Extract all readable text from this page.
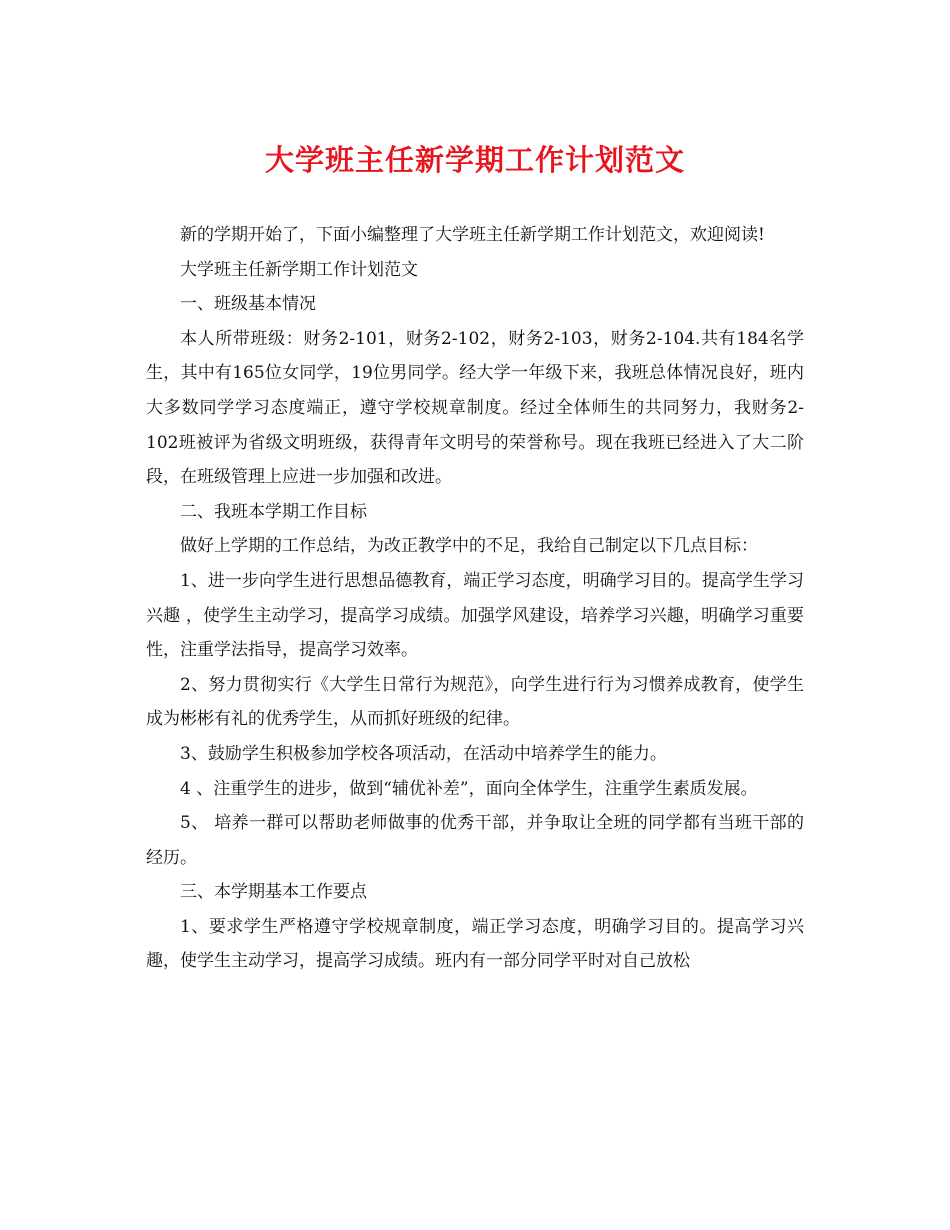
大学班主任新学期工作计划范文

新的学期开始了，下面小编整理了大学班主任新学期工作计划范文，欢迎阅读!

大学班主任新学期工作计划范文

一、班级基本情况

本人所带班级：财务2-101，财务2-102，财务2-103，财务2-104.共有184名学生，其中有165位女同学，19位男同学。经大学一年级下来，我班总体情况良好，班内大多数同学学习态度端正，遵守学校规章制度。经过全体师生的共同努力，我财务2-102班被评为省级文明班级，获得青年文明号的荣誉称号。现在我班已经进入了大二阶段，在班级管理上应进一步加强和改进。

二、我班本学期工作目标

做好上学期的工作总结，为改正教学中的不足，我给自己制定以下几点目标：

1、进一步向学生进行思想品德教育，端正学习态度，明确学习目的。提高学生学习兴趣 ，使学生主动学习，提高学习成绩。加强学风建设，培养学习兴趣，明确学习重要性，注重学法指导，提高学习效率。

2、努力贯彻实行《大学生日常行为规范》，向学生进行行为习惯养成教育，使学生成为彬彬有礼的优秀学生，从而抓好班级的纪律。

3、鼓励学生积极参加学校各项活动，在活动中培养学生的能力。

4 、注重学生的进步，做到“辅优补差”，面向全体学生，注重学生素质发展。

5、 培养一群可以帮助老师做事的优秀干部，并争取让全班的同学都有当班干部的经历。

三、本学期基本工作要点

1、要求学生严格遵守学校规章制度，端正学习态度，明确学习目的。提高学习兴趣，使学生主动学习，提高学习成绩。班内有一部分同学平时对自己放松
